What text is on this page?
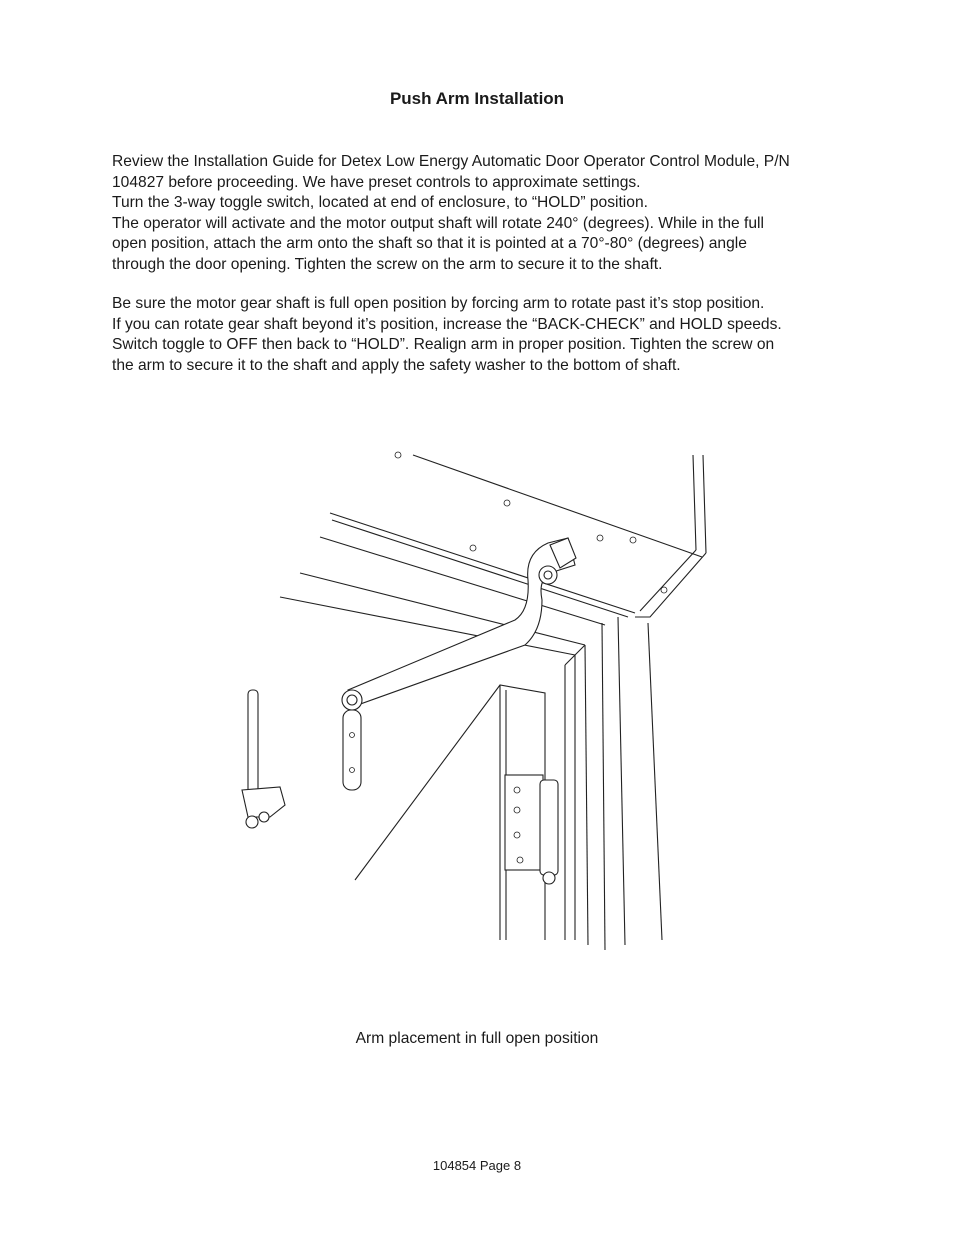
Push Arm Installation

Review the Installation Guide for Detex Low Energy Automatic Door Operator Control Module, P/N

104827 before proceeding. We have preset controls to approximate settings.

Turn the 3-way toggle switch, located at end of enclosure, to “HOLD” position.

The operator will activate and the motor output shaft will rotate 240° (degrees). While in the full

open position, attach the arm onto the shaft so that it is pointed at a 70°-80° (degrees) angle

through the door opening. Tighten the screw on the arm to secure it to the shaft.

Be sure the motor gear shaft is full open position by forcing arm to rotate past it’s stop position.

If you can rotate gear shaft beyond it’s position, increase the “BACK-CHECK” and HOLD speeds.

Switch toggle to OFF then back to “HOLD”. Realign arm in proper position. Tighten the screw on

the arm to secure it to the shaft and apply the safety washer to the bottom of shaft.

Arm placement in full open position
104854 Page 8
